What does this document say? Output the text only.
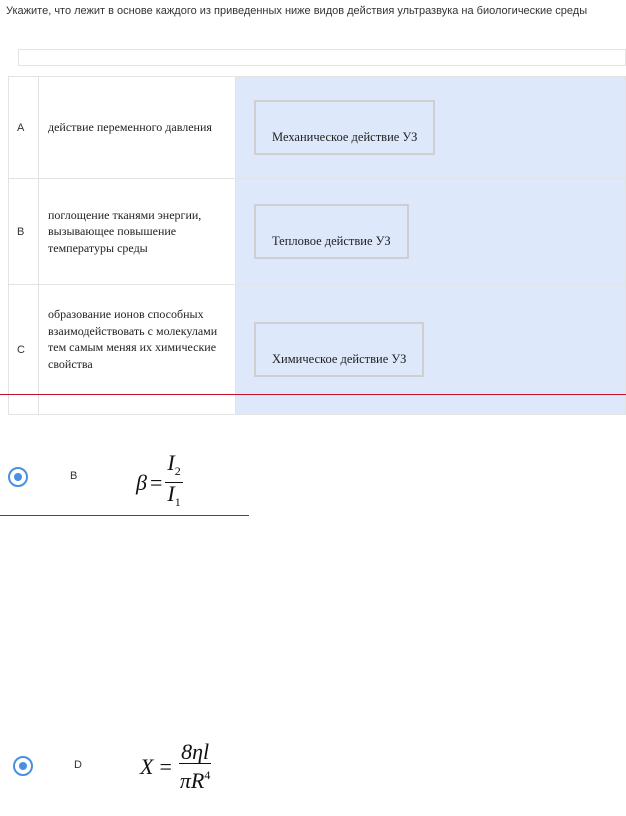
Укажите, что лежит в основе каждого из приведенных ниже видов действия ультразвука на биологические среды
A	действие переменного давления	Механическое действие УЗ
B	поглощение тканями энергии, вызывающее повышение температуры среды	Тепловое действие УЗ
C	образование ионов способных взаимодействовать с молекулами тем самым меняя их химические свойства	Химическое действие УЗ
B	$\beta = \frac{I_2}{I_1}$
D	$X = \frac{8\eta l}{\pi R^4}$
